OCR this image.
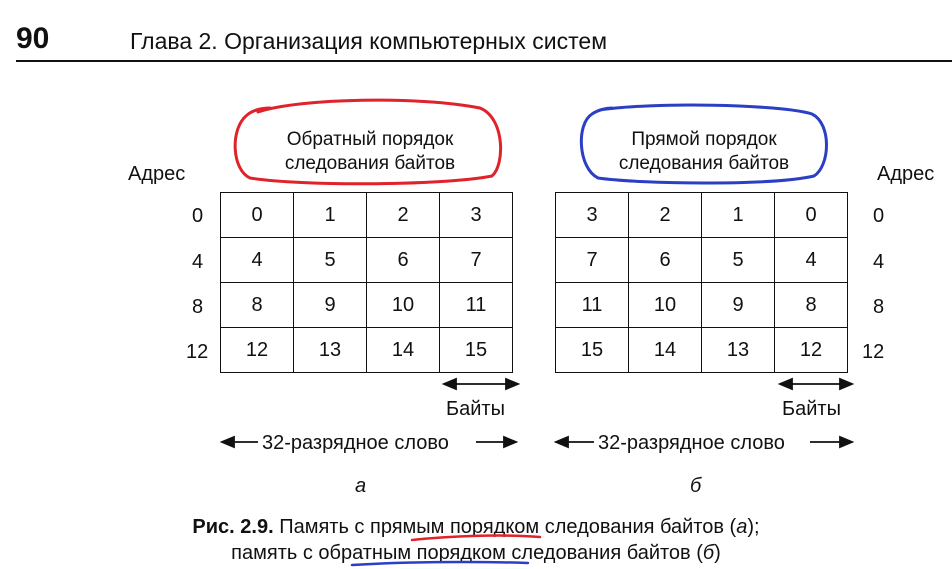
90	Глава 2. Организация компьютерных систем
Обратный порядок
следования байтов
Адрес
0
4
8
12
0	1	2	3
4	5	6	7
8	9	10	11
12	13	14	15
Байты
32-разрядное слово
а
Прямой порядок
следования байтов	Адрес
0
4
8
12
3	2	1	0
7	6	5	4
11	10	9	8
15	14	13	12
Байты
32-разрядное слово
б
Рис. 2.9. Память с прямым порядком следования байтов (а);
память с обратным порядком следования байтов (б)
